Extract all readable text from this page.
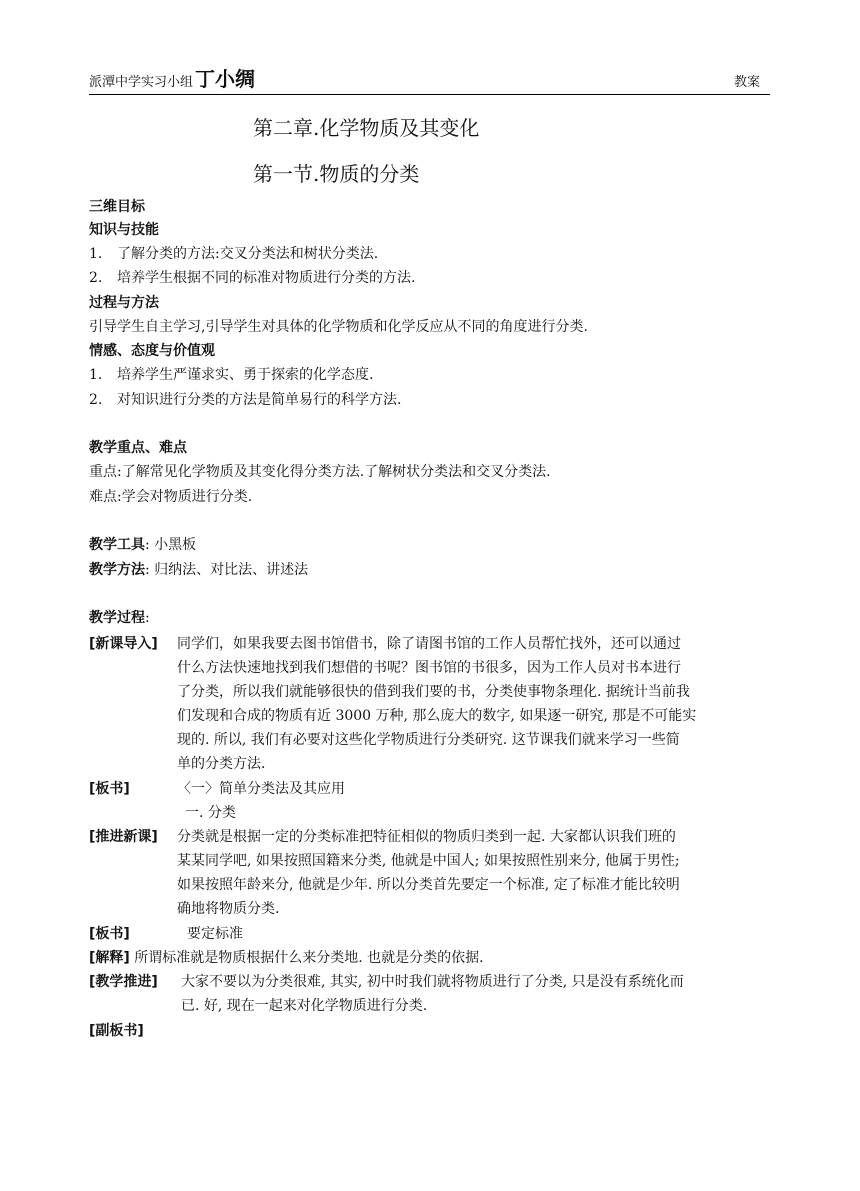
派潭中学实习小组 丁小绸	教案
第二章.化学物质及其变化
第一节.物质的分类
三维目标
知识与技能
1. 了解分类的方法:交叉分类法和树状分类法.
2. 培养学生根据不同的标准对物质进行分类的方法.
过程与方法
引导学生自主学习,引导学生对具体的化学物质和化学反应从不同的角度进行分类.
情感、态度与价值观
1. 培养学生严谨求实、勇于探索的化学态度.
2. 对知识进行分类的方法是简单易行的科学方法.
教学重点、难点
重点:了解常见化学物质及其变化得分类方法.了解树状分类法和交叉分类法.
难点:学会对物质进行分类.
教学工具: 小黑板
教学方法: 归纳法、对比法、讲述法
教学过程:
[新课导入] 同学们，如果我要去图书馆借书，除了请图书馆的工作人员帮忙找外，还可以通过
什么方法快速地找到我们想借的书呢？图书馆的书很多，因为工作人员对书本进行
了分类，所以我们就能够很快的借到我们要的书，分类使事物条理化. 据统计当前我
们发现和合成的物质有近 3000 万种, 那么庞大的数字, 如果逐一研究, 那是不可能实
现的. 所以, 我们有必要对这些化学物质进行分类研究. 这节课我们就来学习一些简
单的分类方法.
[板书]	〈一〉简单分类法及其应用
一. 分类
[推进新课] 分类就是根据一定的分类标准把特征相似的物质归类到一起. 大家都认识我们班的
某某同学吧, 如果按照国籍来分类, 他就是中国人; 如果按照性别来分, 他属于男性;
如果按照年龄来分, 他就是少年. 所以分类首先要定一个标准, 定了标准才能比较明
确地将物质分类.
[板书]	要定标准
[解释] 所谓标准就是物质根据什么来分类地. 也就是分类的依据.
[教学推进] 大家不要以为分类很难, 其实, 初中时我们就将物质进行了分类, 只是没有系统化而
已. 好, 现在一起来对化学物质进行分类.
[副板书]
